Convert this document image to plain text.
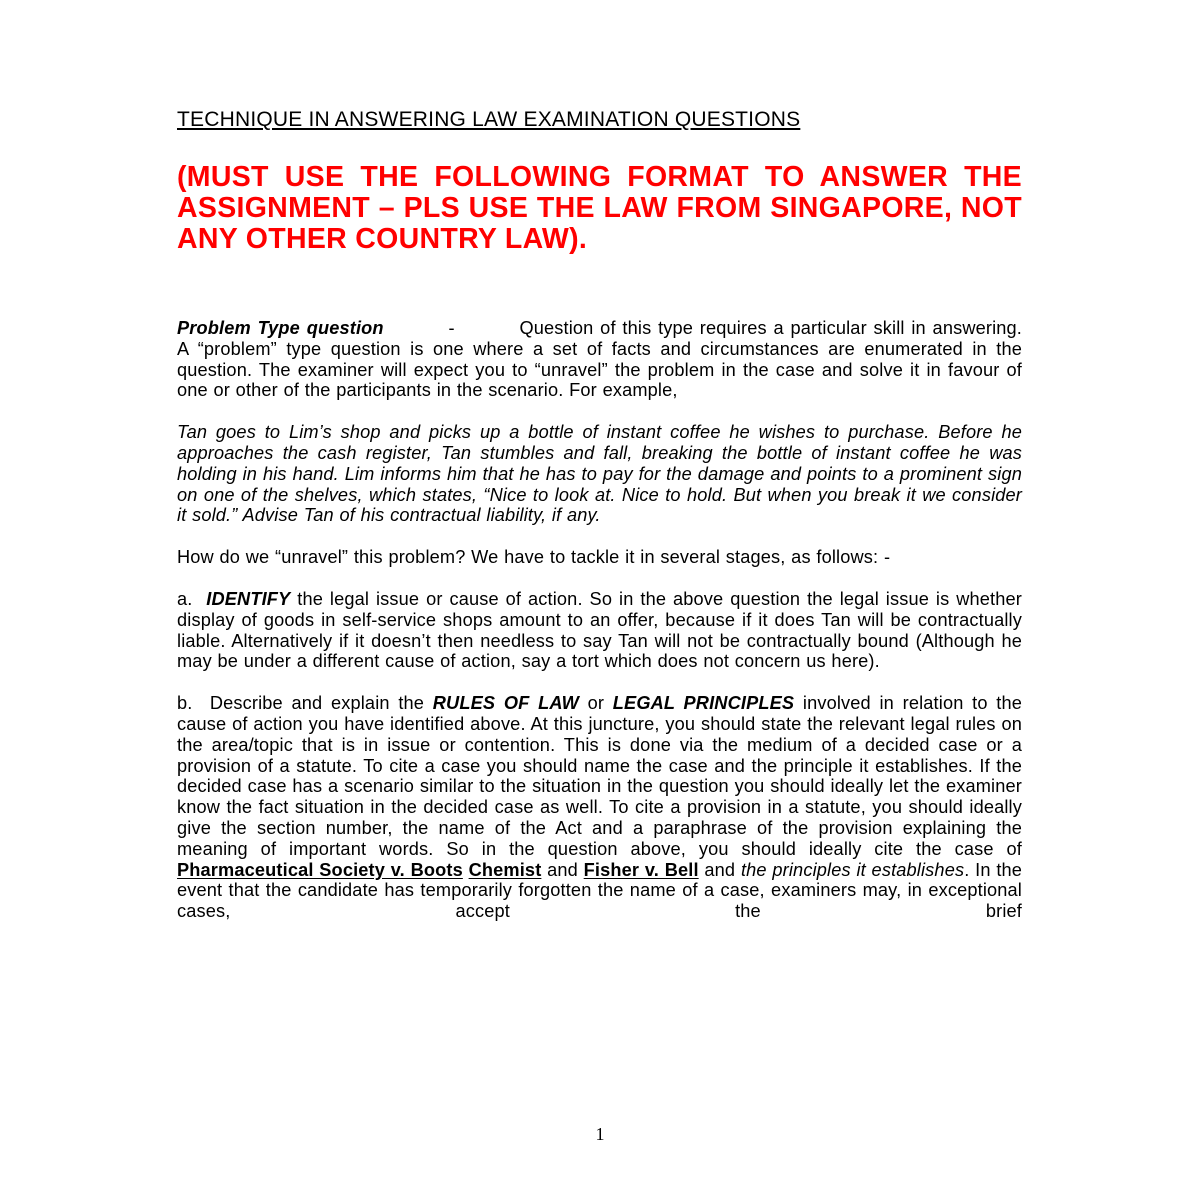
TECHNIQUE IN ANSWERING LAW EXAMINATION QUESTIONS

(MUST USE THE FOLLOWING FORMAT TO ANSWER THE ASSIGNMENT – PLS USE THE LAW FROM SINGAPORE, NOT ANY OTHER COUNTRY LAW).

Problem Type question	-	Question of this type requires a particular skill in answering. A “problem” type question is one where a set of facts and circumstances are enumerated in the question. The examiner will expect you to “unravel” the problem in the case and solve it in favour of one or other of the participants in the scenario. For example,

Tan goes to Lim’s shop and picks up a bottle of instant coffee he wishes to purchase. Before he approaches the cash register, Tan stumbles and fall, breaking the bottle of instant coffee he was holding in his hand. Lim informs him that he has to pay for the damage and points to a prominent sign on one of the shelves, which states, “Nice to look at. Nice to hold. But when you break it we consider it sold.” Advise Tan of his contractual liability, if any.

How do we “unravel” this problem? We have to tackle it in several stages, as follows: -

a. IDENTIFY the legal issue or cause of action. So in the above question the legal issue is whether display of goods in self-service shops amount to an offer, because if it does Tan will be contractually liable. Alternatively if it doesn’t then needless to say Tan will not be contractually bound (Although he may be under a different cause of action, say a tort which does not concern us here).

b. Describe and explain the RULES OF LAW or LEGAL PRINCIPLES involved in relation to the cause of action you have identified above. At this juncture, you should state the relevant legal rules on the area/topic that is in issue or contention. This is done via the medium of a decided case or a provision of a statute. To cite a case you should name the case and the principle it establishes. If the decided case has a scenario similar to the situation in the question you should ideally let the examiner know the fact situation in the decided case as well. To cite a provision in a statute, you should ideally give the section number, the name of the Act and a paraphrase of the provision explaining the meaning of important words. So in the question above, you should ideally cite the case of Pharmaceutical Society v. Boots Chemist and Fisher v. Bell and the principles it establishes. In the event that the candidate has temporarily forgotten the name of a case, examiners may, in exceptional cases, accept the brief

1
